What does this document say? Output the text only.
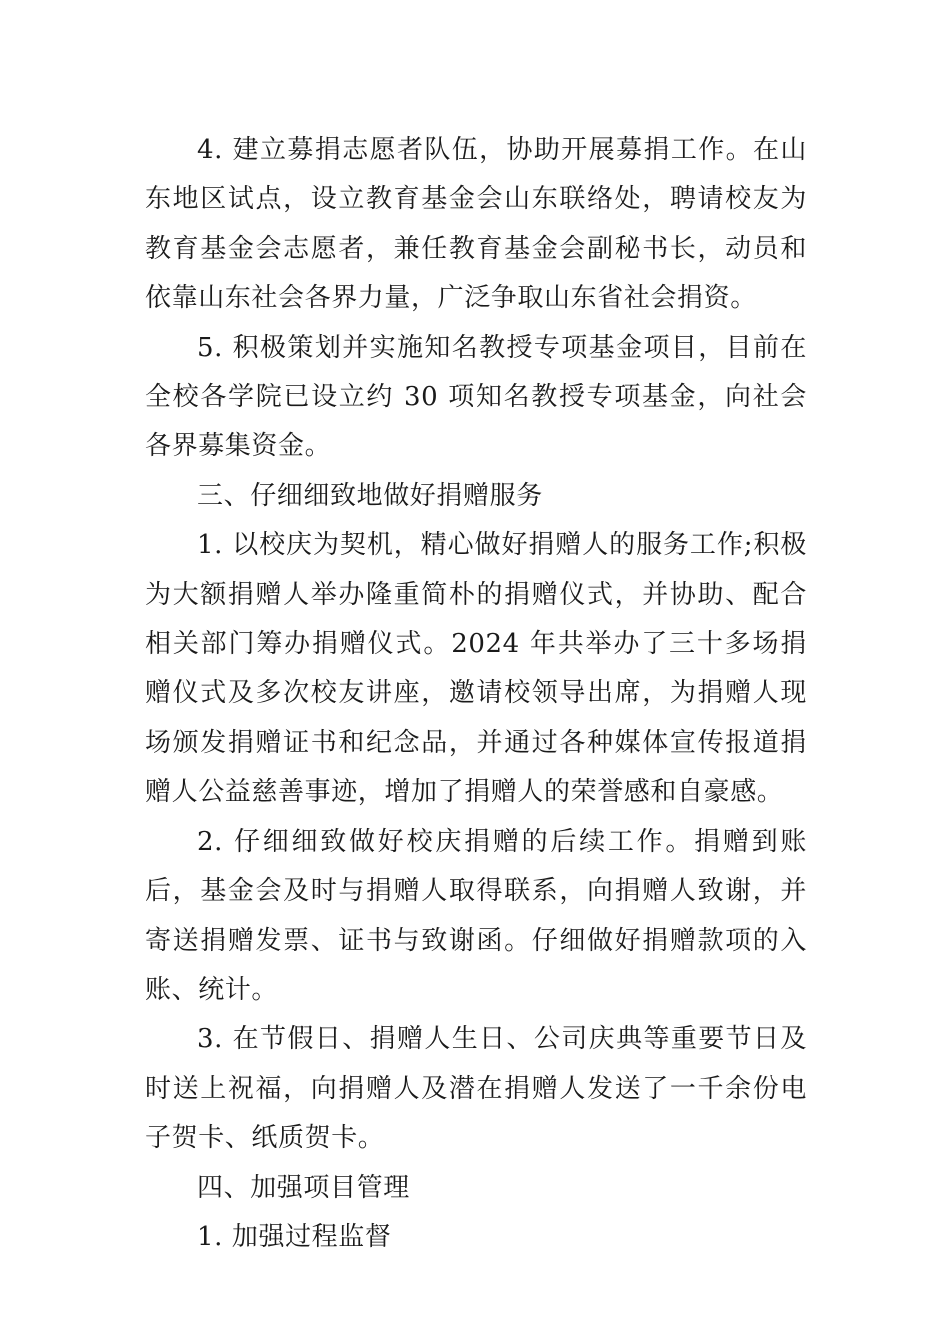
4. 建立募捐志愿者队伍，协助开展募捐工作。在山东地区试点，设立教育基金会山东联络处，聘请校友为教育基金会志愿者，兼任教育基金会副秘书长，动员和依靠山东社会各界力量，广泛争取山东省社会捐资。

5. 积极策划并实施知名教授专项基金项目，目前在全校各学院已设立约 30 项知名教授专项基金，向社会各界募集资金。

三、仔细细致地做好捐赠服务

1. 以校庆为契机，精心做好捐赠人的服务工作;积极为大额捐赠人举办隆重简朴的捐赠仪式，并协助、配合相关部门筹办捐赠仪式。2024 年共举办了三十多场捐赠仪式及多次校友讲座，邀请校领导出席，为捐赠人现场颁发捐赠证书和纪念品，并通过各种媒体宣传报道捐赠人公益慈善事迹，增加了捐赠人的荣誉感和自豪感。

2. 仔细细致做好校庆捐赠的后续工作。捐赠到账后，基金会及时与捐赠人取得联系，向捐赠人致谢，并寄送捐赠发票、证书与致谢函。仔细做好捐赠款项的入账、统计。

3. 在节假日、捐赠人生日、公司庆典等重要节日及时送上祝福，向捐赠人及潜在捐赠人发送了一千余份电子贺卡、纸质贺卡。

四、加强项目管理

1. 加强过程监督
